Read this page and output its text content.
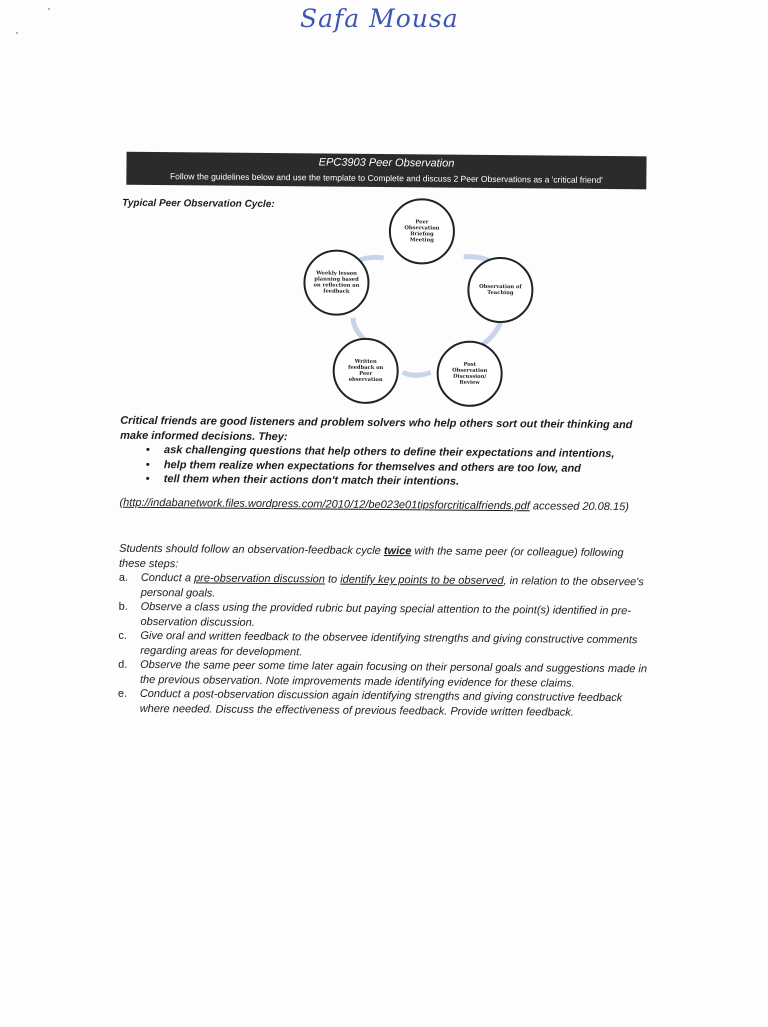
Safa Mousa
EPC3903 Peer Observation
Follow the guidelines below and use the template to Complete and discuss 2 Peer Observations as a 'critical friend'
Typical Peer Observation Cycle:
Peer Observation Briefing Meeting
Observation of Teaching
Post Observation Discussion/ Review
Written feedback on Peer observation
Weekly lesson planning based on reflection on feedback
Critical friends are good listeners and problem solvers who help others sort out their thinking and make informed decisions. They:
• ask challenging questions that help others to define their expectations and intentions,
• help them realize when expectations for themselves and others are too low, and
• tell them when their actions don't match their intentions.
(http://indabanetwork.files.wordpress.com/2010/12/be023e01tipsforcriticalfriends.pdf accessed 20.08.15)
Students should follow an observation-feedback cycle twice with the same peer (or colleague) following these steps:
a. Conduct a pre-observation discussion to identify key points to be observed, in relation to the observee's personal goals.
b. Observe a class using the provided rubric but paying special attention to the point(s) identified in pre-observation discussion.
c. Give oral and written feedback to the observee identifying strengths and giving constructive comments regarding areas for development.
d. Observe the same peer some time later again focusing on their personal goals and suggestions made in the previous observation. Note improvements made identifying evidence for these claims.
e. Conduct a post-observation discussion again identifying strengths and giving constructive feedback where needed. Discuss the effectiveness of previous feedback. Provide written feedback.
